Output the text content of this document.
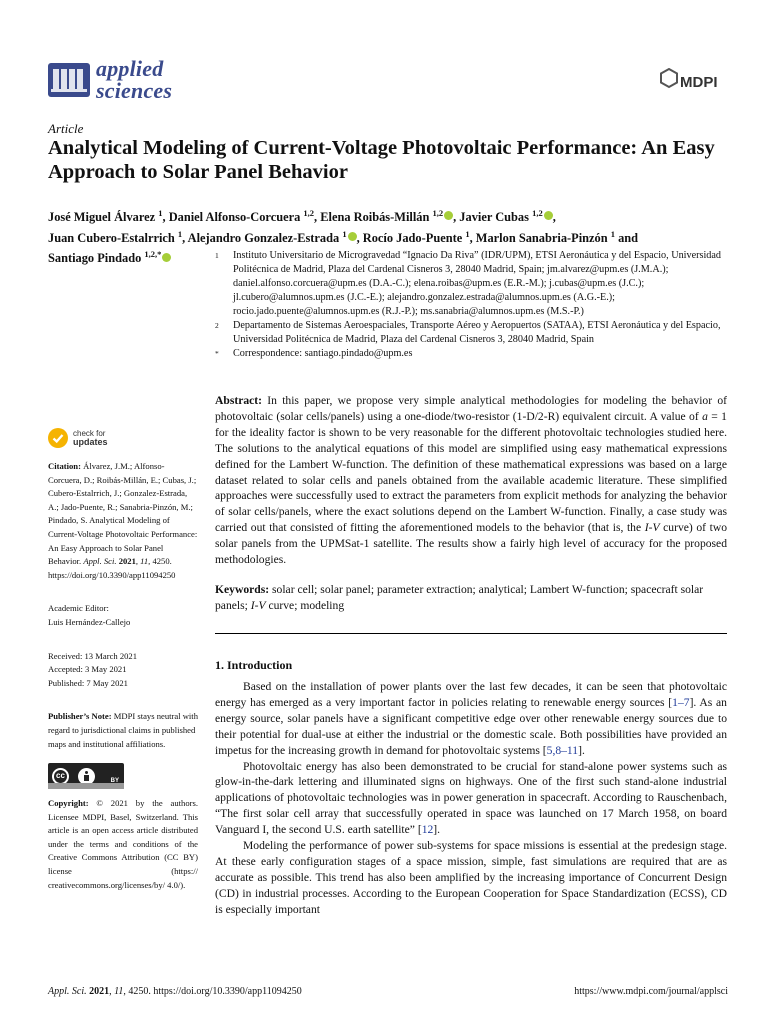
applied
sciences	MDPI
Article
Analytical Modeling of Current-Voltage Photovoltaic Performance: An Easy Approach to Solar Panel Behavior
José Miguel Álvarez $^1$, Daniel Alfonso-Corcuera $^{1,2}$, Elena Roibás-Millán $^{1,2}$ , Javier Cubas $^{1,2}$ ,
Juan Cubero-Estalrrich $^1$, Alejandro Gonzalez-Estrada $^1$ , Rocío Jado-Puente $^1$, Marlon Sanabria-Pinzón $^1$ and
Santiago Pindado $^{1,2,*}$	1	Instituto Universitario de Microgravedad “Ignacio Da Riva” (IDR/UPM), ETSI Aeronáutica y del Espacio, Universidad Politécnica de Madrid, Plaza del Cardenal Cisneros 3, 28040 Madrid, Spain; jm.alvarez@upm.es (J.M.A.); daniel.alfonso.corcuera@upm.es (D.A.-C.); elena.roibas@upm.es (E.R.-M.); j.cubas@upm.es (J.C.); jl.cubero@alumnos.upm.es (J.C.-E.); alejandro.gonzalez.estrada@alumnos.upm.es (A.G.-E.); rocio.jado.puente@alumnos.upm.es (R.J.-P.); ms.sanabria@alumnos.upm.es (M.S.-P.)
2	Departamento de Sistemas Aeroespaciales, Transporte Aéreo y Aeropuertos (SATAA), ETSI Aeronáutica y del Espacio, Universidad Politécnica de Madrid, Plaza del Cardenal Cisneros 3, 28040 Madrid, Spain
*	Correspondence: santiago.pindado@upm.es
check for
updates
Citation: Álvarez, J.M.; Alfonso-Corcuera, D.; Roibás-Millán, E.; Cubas, J.; Cubero-Estalrrich, J.; Gonzalez-Estrada, A.; Jado-Puente, R.; Sanabria-Pinzón, M.; Pindado, S. Analytical Modeling of Current-Voltage Photovoltaic Performance: An Easy Approach to Solar Panel Behavior. Appl. Sci. 2021, 11, 4250. https://doi.org/10.3390/app11094250
Academic Editor:
Luis Hernández-Callejo
Received: 13 March 2021
Accepted: 3 May 2021
Published: 7 May 2021
Publisher’s Note: MDPI stays neutral with regard to jurisdictional claims in published maps and institutional affiliations.
cc
BY
Copyright: © 2021 by the authors. Licensee MDPI, Basel, Switzerland. This article is an open access article distributed under the terms and conditions of the Creative Commons Attribution (CC BY) license (https:// creativecommons.org/licenses/by/ 4.0/).
Abstract: In this paper, we propose very simple analytical methodologies for modeling the behavior of photovoltaic (solar cells/panels) using a one-diode/two-resistor (1-D/2-R) equivalent circuit. A value of a = 1 for the ideality factor is shown to be very reasonable for the different photovoltaic technologies studied here. The solutions to the analytical equations of this model are simplified using easy mathematical expressions defined for the Lambert W-function. The definition of these mathematical expressions was based on a large dataset related to solar cells and panels obtained from the available academic literature. These simplified approaches were successfully used to extract the parameters from explicit methods for analyzing the behavior of solar cells/panels, where the exact solutions depend on the Lambert W-function. Finally, a case study was carried out that consisted of fitting the aforementioned models to the behavior (that is, the I-V curve) of two solar panels from the UPMSat-1 satellite. The results show a fairly high level of accuracy for the proposed methodologies.
Keywords: solar cell; solar panel; parameter extraction; analytical; Lambert W-function; spacecraft solar panels; I-V curve; modeling
1. Introduction

Based on the installation of power plants over the last few decades, it can be seen that photovoltaic energy has emerged as a very important factor in policies relating to renewable energy sources [1–7]. As an energy source, solar panels have a significant competitive edge over other renewable energy sources due to their potential for dual-use at either the industrial or the domestic scale. Both possibilities have provided an impetus for the increasing growth in demand for photovoltaic systems [5,8–11].

Photovoltaic energy has also been demonstrated to be crucial for stand-alone power systems such as glow-in-the-dark lettering and illuminated signs on highways. One of the first such stand-alone industrial applications of photovoltaic technologies was in power generation in spacecraft. According to Rauschenbach, “The first solar cell array that successfully operated in space was launched on 17 March 1958, on board Vanguard I, the second U.S. earth satellite” [12].

Modeling the performance of power sub-systems for space missions is essential at the predesign stage. At these early configuration stages of a space mission, simple, fast simulations are required that are as accurate as possible. This trend has also been amplified by the increasing importance of Concurrent Design (CD) in industrial processes. According to the European Cooperation for Space Standardization (ECSS), CD is especially important

Appl. Sci. 2021, 11, 4250. https://doi.org/10.3390/app11094250	https://www.mdpi.com/journal/applsci
